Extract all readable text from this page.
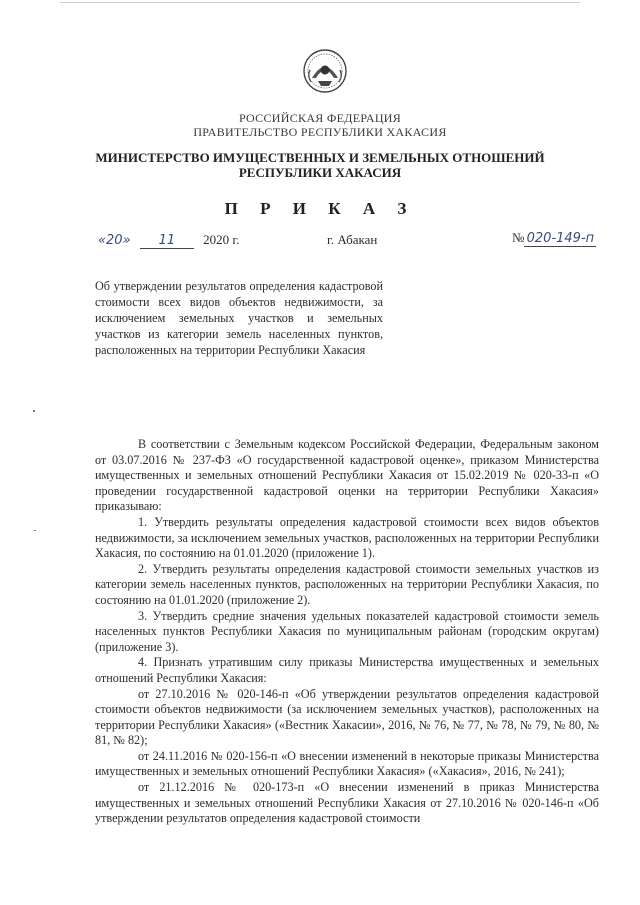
РОССИЙСКАЯ ФЕДЕРАЦИЯ
ПРАВИТЕЛЬСТВО РЕСПУБЛИКИ ХАКАСИЯ
МИНИСТЕРСТВО ИМУЩЕСТВЕННЫХ И ЗЕМЕЛЬНЫХ ОТНОШЕНИЙ
РЕСПУБЛИКИ ХАКАСИЯ
П Р И К А З
«20» 11 2020 г.	г. Абакан	№ 020-149-п
Об утверждении результатов определения кадастровой стоимости всех видов объектов недвижимости, за исключением земельных участков и земельных участков из категории земель населенных пунктов, расположенных на территории Республики Хакасия

В соответствии с Земельным кодексом Российской Федерации, Федеральным законом от 03.07.2016 № 237-ФЗ «О государственной кадастровой оценке», приказом Министерства имущественных и земельных отношений Республики Хакасия от 15.02.2019 № 020-33-п «О проведении государственной кадастровой оценки на территории Республики Хакасия» приказываю:

1. Утвердить результаты определения кадастровой стоимости всех видов объектов недвижимости, за исключением земельных участков, расположенных на территории Республики Хакасия, по состоянию на 01.01.2020 (приложение 1).

2. Утвердить результаты определения кадастровой стоимости земельных участков из категории земель населенных пунктов, расположенных на территории Республики Хакасия, по состоянию на 01.01.2020 (приложение 2).

3. Утвердить средние значения удельных показателей кадастровой стоимости земель населенных пунктов Республики Хакасия по муниципальным районам (городским округам) (приложение 3).

4. Признать утратившим силу приказы Министерства имущественных и земельных отношений Республики Хакасия:

от 27.10.2016 № 020-146-п «Об утверждении результатов определения кадастровой стоимости объектов недвижимости (за исключением земельных участков), расположенных на территории Республики Хакасия» («Вестник Хакасии», 2016, № 76, № 77, № 78, № 79, № 80, № 81, № 82);

от 24.11.2016 № 020-156-п «О внесении изменений в некоторые приказы Министерства имущественных и земельных отношений Республики Хакасия» («Хакасия», 2016, № 241);

от 21.12.2016 № 020-173-п «О внесении изменений в приказ Министерства имущественных и земельных отношений Республики Хакасия от 27.10.2016 № 020-146-п «Об утверждении результатов определения кадастровой стоимости
